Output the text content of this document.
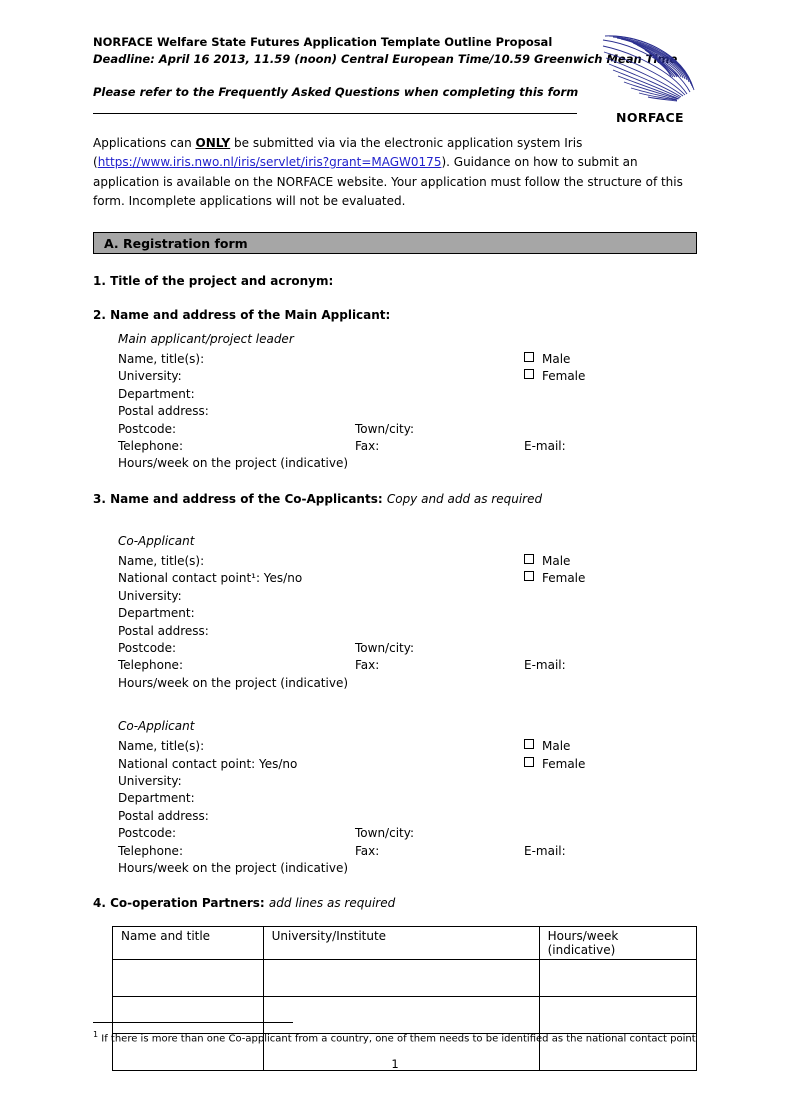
NORFACE Welfare State Futures Application Template Outline Proposal
Deadline: April 16 2013, 11.59 (noon) Central European Time/10.59 Greenwich Mean Time
Please refer to the Frequently Asked Questions when completing this form
NORFACE
Applications can ONLY be submitted via via the electronic application system Iris (https://www.iris.nwo.nl/iris/servlet/iris?grant=MAGW0175). Guidance on how to submit an application is available on the NORFACE website. Your application must follow the structure of this form. Incomplete applications will not be evaluated.
A. Registration form
1. Title of the project and acronym:
2. Name and address of the Main Applicant:
Main applicant/project leader
Name, title(s):	Male
University:	Female
Department:
Postal address:
Postcode:	Town/city:
Telephone:	Fax:	E-mail:
Hours/week on the project (indicative)
3. Name and address of the Co-Applicants: Copy and add as required
Co-Applicant
Name, title(s):	Male
National contact point¹: Yes/no	Female
University:
Department:
Postal address:
Postcode:	Town/city:
Telephone:	Fax:	E-mail:
Hours/week on the project (indicative)
Co-Applicant
Name, title(s):	Male
National contact point: Yes/no	Female
University:
Department:
Postal address:
Postcode:	Town/city:
Telephone:	Fax:	E-mail:
Hours/week on the project (indicative)
4. Co-operation Partners: add lines as required
Name and title	University/Institute	Hours/week (indicative)

$^1$ If there is more than one Co-applicant from a country, one of them needs to be identified as the national contact point
1
